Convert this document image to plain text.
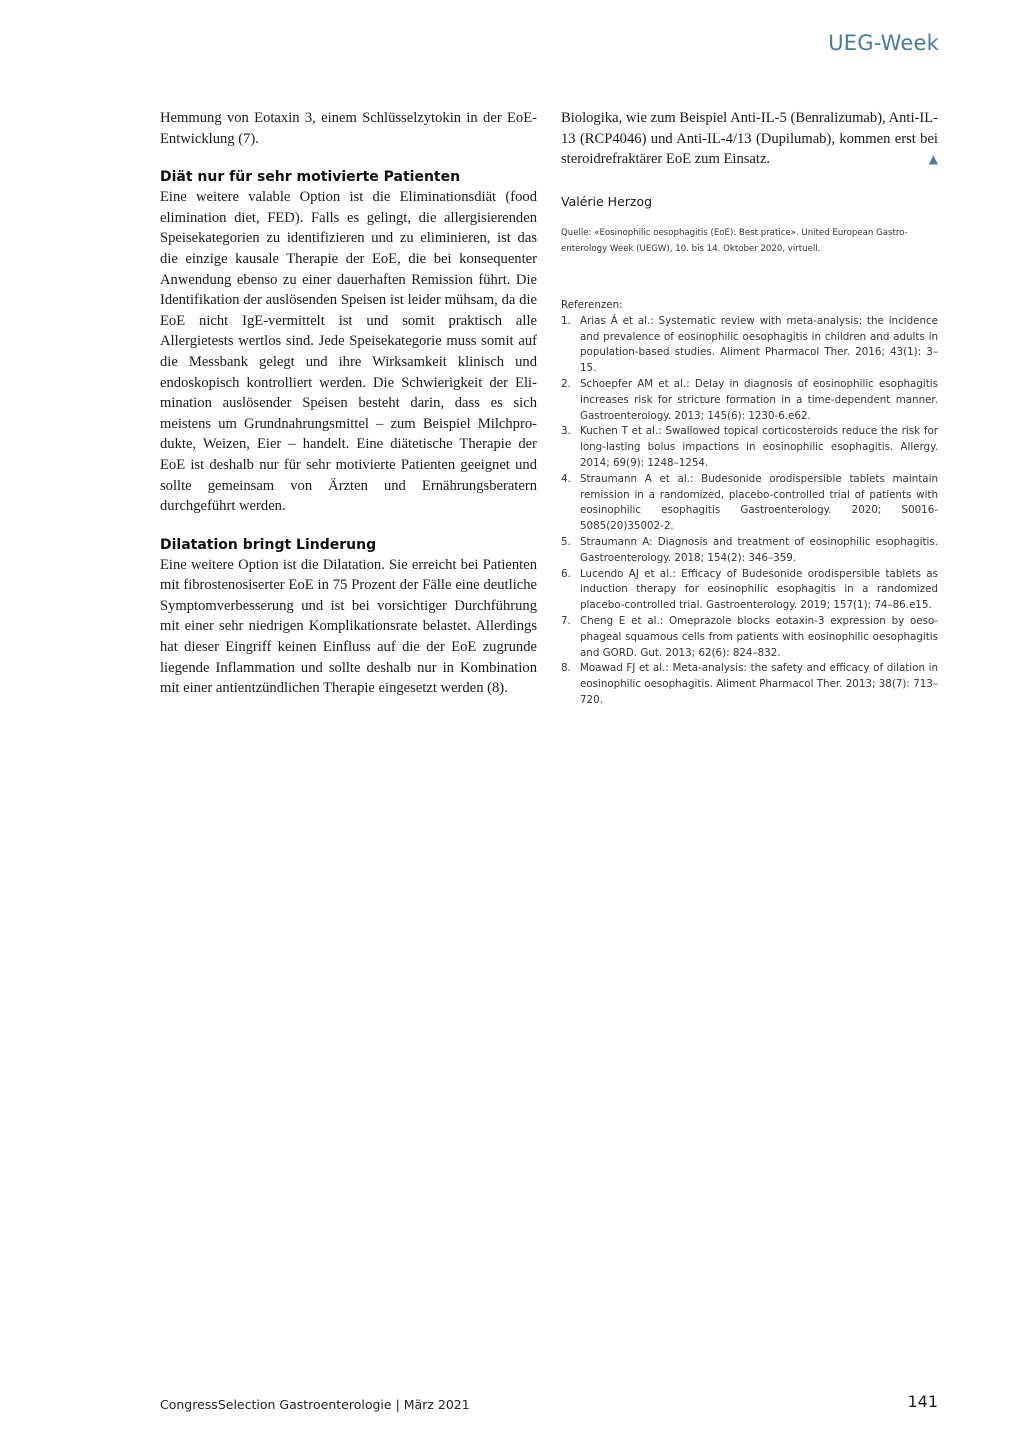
UEG-Week

Hemmung von Eotaxin 3, einem Schlüsselzytokin in der EoE-Entwicklung (7).

Diät nur für sehr motivierte Patienten

Eine weitere valable Option ist die Eliminationsdiät (food elimination diet, FED). Falls es gelingt, die allergisierenden Speisekategorien zu identifizieren und zu eliminieren, ist das die einzige kausale Therapie der EoE, die bei konsequenter Anwendung ebenso zu einer dauerhaften Remission führt. Die Identifikation der auslösenden Speisen ist leider mühsam, da die EoE nicht IgE-vermittelt ist und somit praktisch alle Allergietests wertlos sind. Jede Speisekategorie muss somit auf die Messbank gelegt und ihre Wirksamkeit klinisch und endoskopisch kontrolliert werden. Die Schwierigkeit der Elimination auslösender Speisen besteht darin, dass es sich meistens um Grundnahrungsmittel – zum Beispiel Milchprodukte, Weizen, Eier – handelt. Eine diätetische Therapie der EoE ist deshalb nur für sehr motivierte Patienten geeignet und sollte gemeinsam von Ärzten und Ernährungsberatern durchgeführt werden.

Dilatation bringt Linderung

Eine weitere Option ist die Dilatation. Sie erreicht bei Patienten mit fibrostenosiserter EoE in 75 Prozent der Fälle eine deutliche Symptomverbesserung und ist bei vorsichtiger Durchführung mit einer sehr niedrigen Komplikationsrate belastet. Allerdings hat dieser Eingriff keinen Einfluss auf die der EoE zugrunde liegende Inflammation und sollte deshalb nur in Kombination mit einer antientzündlichen Therapie eingesetzt werden (8).

Biologika, wie zum Beispiel Anti-IL-5 (Benralizumab), Anti-IL-13 (RCP4046) und Anti-IL-4/13 (Dupilumab), kommen erst bei steroidrefraktärer EoE zum Einsatz.	▲

Valérie Herzog

Quelle: «Eosinophilic oesophagitis (EoE): Best pratice». United European Gastroenterology Week (UEGW), 10. bis 14. Oktober 2020, virtuell.

Referenzen:

1. Arias Á et al.: Systematic review with meta-analysis: the incidence and prevalence of eosinophilic oesophagitis in children and adults in population-based studies. Aliment Pharmacol Ther. 2016; 43(1): 3–15.
2. Schoepfer AM et al.: Delay in diagnosis of eosinophilic esophagitis increases risk for stricture formation in a time-dependent manner. Gastroenterology. 2013; 145(6): 1230-6.e62.
3. Kuchen T et al.: Swallowed topical corticosteroids reduce the risk for long-lasting bolus impactions in eosinophilic esophagitis. Allergy. 2014; 69(9): 1248–1254.
4. Straumann A et al.: Budesonide orodispersible tablets maintain remission in a randomized, placebo-controlled trial of patients with eosinophilic esophagitis Gastroenterology. 2020; S0016-5085(20)35002-2.
5. Straumann A: Diagnosis and treatment of eosinophilic esophagitis. Gastroenterology. 2018; 154(2): 346–359.
6. Lucendo AJ et al.: Efficacy of Budesonide orodispersible tablets as induction therapy for eosinophilic esophagitis in a randomized placebo-controlled trial. Gastroenterology. 2019; 157(1): 74–86.e15.
7. Cheng E et al.: Omeprazole blocks eotaxin-3 expression by oesophageal squamous cells from patients with eosinophilic oesophagitis and GORD. Gut. 2013; 62(6): 824–832.
8. Moawad FJ et al.: Meta-analysis: the safety and efficacy of dilation in eosinophilic oesophagitis. Aliment Pharmacol Ther. 2013; 38(7): 713–720.
CongressSelection Gastroenterologie | März 2021	141
